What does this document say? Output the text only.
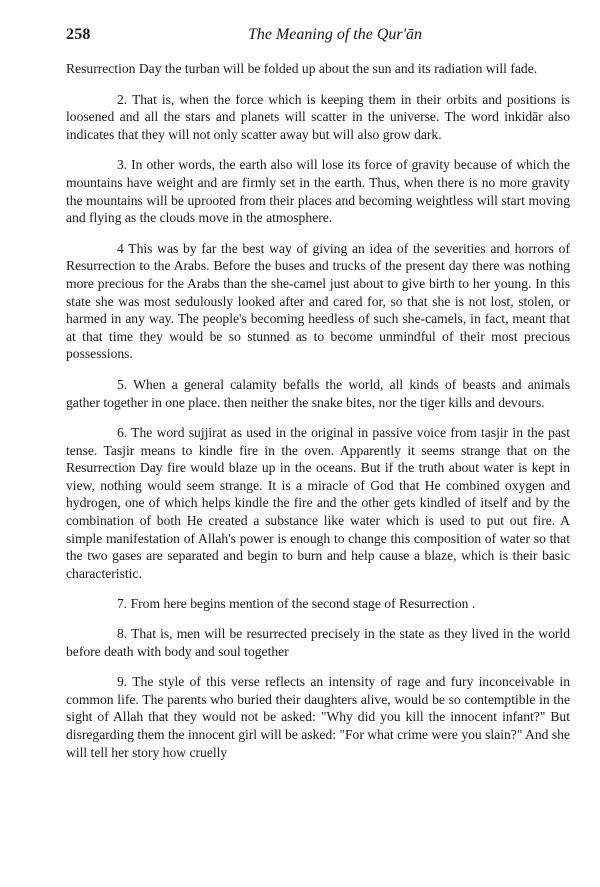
258	The Meaning of the Qur'ān

Resurrection Day the turban will be folded up about the sun and its radiation will fade.

2. That is, when the force which is keeping them in their orbits and positions is loosened and all the stars and planets will scatter in the universe. The word inkidār also indicates that they will not only scatter away but will also grow dark.

3. In other words, the earth also will lose its force of gravity because of which the mountains have weight and are firmly set in the earth. Thus, when there is no more gravity the mountains will be uprooted from their places and becoming weightless will start moving and flying as the clouds move in the atmosphere.

4 This was by far the best way of giving an idea of the severities and horrors of Resurrection to the Arabs. Before the buses and trucks of the present day there was nothing more precious for the Arabs than the she-camel just about to give birth to her young. In this state she was most sedulously looked after and cared for, so that she is not lost, stolen, or harmed in any way. The people's becoming heedless of such she-camels, in fact, meant that at that time they would be so stunned as to become unmindful of their most precious possessions.

5. When a general calamity befalls the world, all kinds of beasts and animals gather together in one place. then neither the snake bites, nor the tiger kills and devours.

6. The word sujjirat as used in the original in passive voice from tasjir in the past tense. Tasjir means to kindle fire in the oven. Apparently it seems strange that on the Resurrection Day fire would blaze up in the oceans. But if the truth about water is kept in view, nothing would seem strange. It is a miracle of God that He combined oxygen and hydrogen, one of which helps kindle the fire and the other gets kindled of itself and by the combination of both He created a substance like water which is used to put out fire. A simple manifestation of Allah's power is enough to change this composition of water so that the two gases are separated and begin to burn and help cause a blaze, which is their basic characteristic.

7. From here begins mention of the second stage of Resurrection .

8. That is, men will be resurrected precisely in the state as they lived in the world before death with body and soul together

9. The style of this verse reflects an intensity of rage and fury inconceivable in common life. The parents who buried their daughters alive, would be so contemptible in the sight of Allah that they would not be asked: "Why did you kill the innocent infant?" But disregarding them the innocent girl will be asked: "For what crime were you slain?" And she will tell her story how cruelly
